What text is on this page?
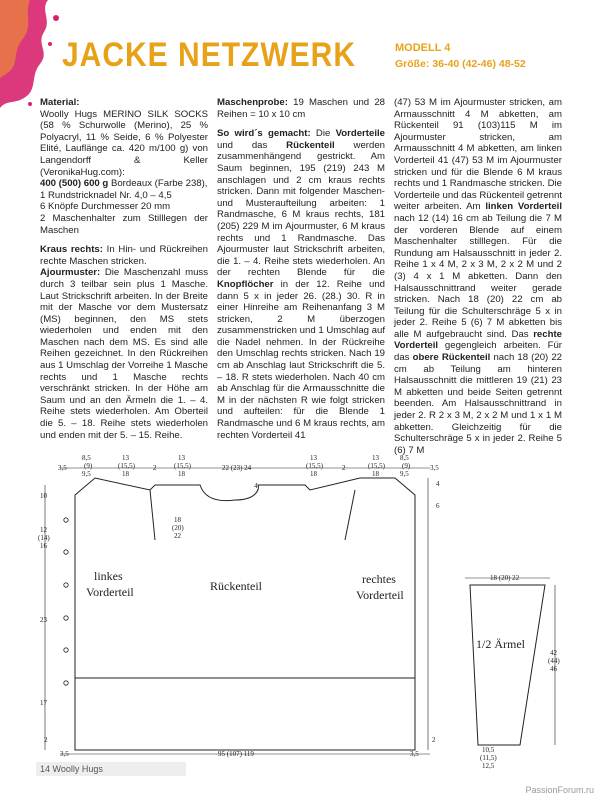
JACKE NETZWERK	MODELL 4
Größe: 36-40 (42-46) 48-52

Material:
Woolly Hugs MERINO SILK SOCKS (58 % Schurwolle (Merino), 25 % Polyacryl, 11 % Seide, 6 % Polyester Elité, Lauflänge ca. 420 m/100 g) von Langendorff & Keller (VeronikaHug.com):
400 (500) 600 g Bordeaux (Farbe 238),
1 Rundstricknadel Nr. 4,0 – 4,5
6 Knöpfe Durchmesser 20 mm
2 Maschenhalter zum Stilllegen der Maschen

Kraus rechts: In Hin- und Rückreihen rechte Maschen stricken.

Ajourmuster: Die Maschenzahl muss durch 3 teilbar sein plus 1 Masche. Laut Strickschrift arbeiten. In der Breite mit der Masche vor dem Mustersatz (MS) beginnen, den MS stets wiederholen und enden mit den Maschen nach dem MS. Es sind alle Reihen gezeichnet. In den Rückreihen aus 1 Umschlag der Vorreihe 1 Masche rechts und 1 Masche rechts verschränkt stricken. In der Höhe am Saum und an den Ärmeln die 1. – 4. Reihe stets wiederholen. Am Oberteil die 5. – 18. Reihe stets wiederholen und enden mit der 5. – 15. Reihe.

Maschenprobe: 19 Maschen und 28 Reihen = 10 x 10 cm

So wird´s gemacht: Die Vorderteile und das Rückenteil werden zusammenhängend gestrickt. Am Saum beginnen, 195 (219) 243 M anschlagen und 2 cm kraus rechts stricken. Dann mit folgender Maschen- und Musteraufteilung arbeiten: 1 Randmasche, 6 M kraus rechts, 181 (205) 229 M im Ajourmuster, 6 M kraus rechts und 1 Randmasche. Das Ajourmuster laut Strickschrift arbeiten, die 1. – 4. Reihe stets wiederholen. An der rechten Blende für die Knopflöcher in der 12. Reihe und dann 5 x in jeder 26. (28.) 30. R in einer Hinreihe am Reihenanfang 3 M stricken, 2 M überzogen zusammenstricken und 1 Umschlag auf die Nadel nehmen. In der Rückreihe den Umschlag rechts stricken. Nach 19 cm ab Anschlag laut Strickschrift die 5. – 18. R stets wiederholen. Nach 40 cm ab Anschlag für die Armausschnitte die M in der nächsten R wie folgt stricken und aufteilen: für die Blende 1 Randmasche und 6 M kraus rechts, am rechten Vorderteil 41

(47) 53 M im Ajourmuster stricken, am Armausschnitt 4 M abketten, am Rückenteil 91 (103)115 M im Ajourmuster stricken, am Armausschnitt 4 M abketten, am linken Vorderteil 41 (47) 53 M im Ajourmuster stricken und für die Blende 6 M kraus rechts und 1 Randmasche stricken. Die Vorderteile und das Rückenteil getrennt weiter arbeiten. Am linken Vorderteil nach 12 (14) 16 cm ab Teilung die 7 M der vorderen Blende auf einem Maschenhalter stilllegen. Für die Rundung am Halsausschnitt in jeder 2. Reihe 1 x 4 M, 2 x 3 M, 2 x 2 M und 2 (3) 4 x 1 M abketten. Dann den Halsausschnittrand weiter gerade stricken. Nach 18 (20) 22 cm ab Teilung für die Schulterschräge 5 x in jeder 2. Reihe 5 (6) 7 M abketten bis alle M aufgebraucht sind. Das rechte Vorderteil gegengleich arbeiten. Für das obere Rückenteil nach 18 (20) 22 cm ab Teilung am hinteren Halsausschnitt die mittleren 19 (21) 23 M abketten und beide Seiten getrennt beenden. Am Halsausschnittrand in jeder 2. R 2 x 3 M, 2 x 2 M und 1 x 1 M abketten. Gleichzeitig für die Schulterschräge 5 x in jeder 2. Reihe 5 (6) 7 M

3,5
8,5
(9)
9,5
13
(15,5)
18
2
13
(15,5)
18
22 (23) 24
4
13
(15,5)
18
2
13
(15,5)
18
8,5
(9)
9,5
3,5
10
12
(14)
16
18
(20)
22
4
6
23
17
2	2
3,5	95 (107) 119	3,5
linkes
Vorderteil	Rückenteil	rechtes
Vorderteil
1/2 Ärmel
18 (20) 22
42
(44)
46
10,5
(11,5)
12,5
14 Woolly Hugs
PassionForum.ru
